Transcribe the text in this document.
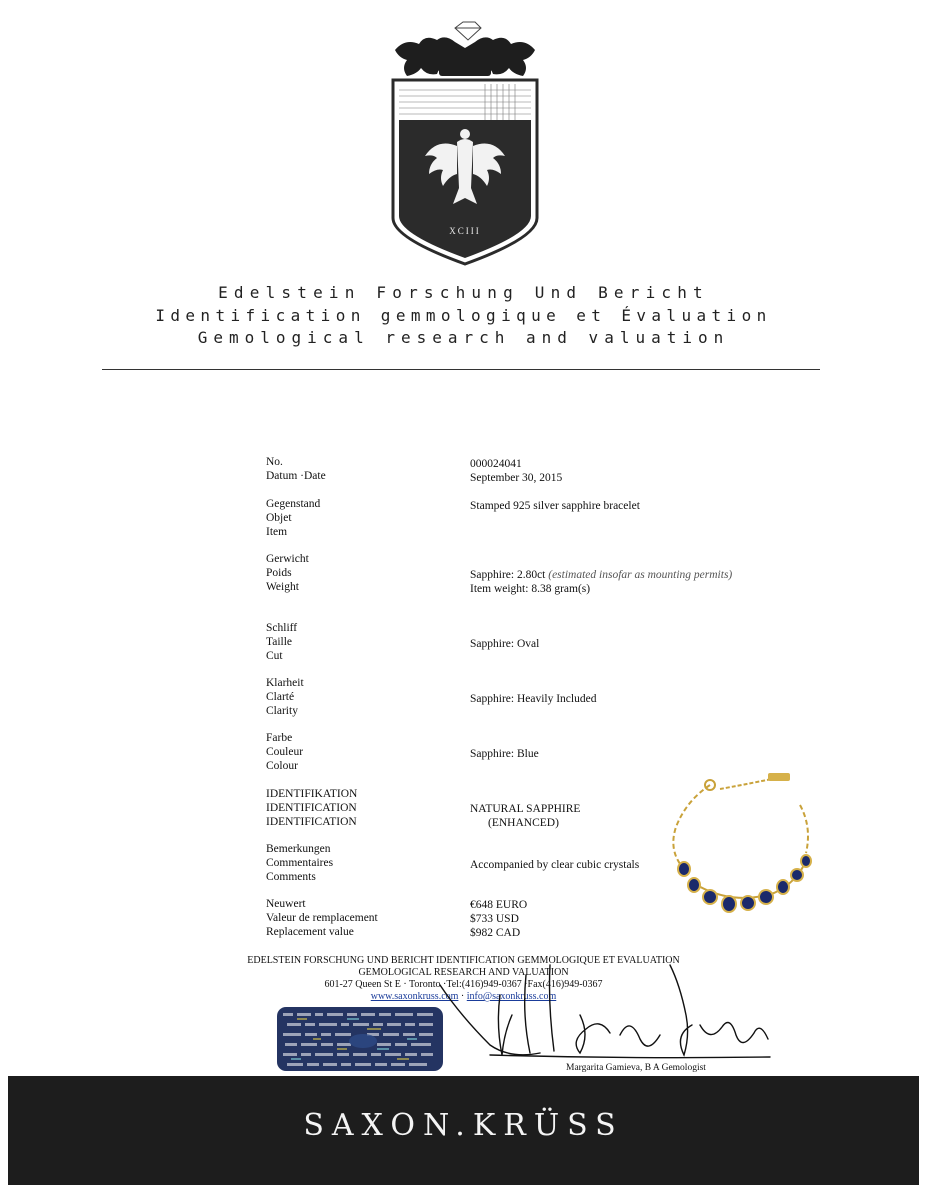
XCIII
Edelstein Forschung Und Bericht
Identification gemmologique et Évaluation
Gemological research and valuation
No.
Datum ·Date
000024041
September 30, 2015
Gegenstand
Objet
Item
Stamped 925 silver sapphire bracelet
Gerwicht
Poids
Weight
Sapphire: 2.80ct (estimated insofar as mounting permits)
Item weight: 8.38 gram(s)
Schliff
Taille
Cut
Sapphire: Oval
Klarheit
Clarté
Clarity
Sapphire: Heavily Included
Farbe
Couleur
Colour
Sapphire: Blue
IDENTIFIKATION
IDENTIFICATION
IDENTIFICATION
NATURAL SAPPHIRE
(ENHANCED)
Bemerkungen
Commentaires
Comments
Accompanied by clear cubic crystals
Neuwert
Valeur de remplacement
Replacement value
€648 EURO
$733 USD
$982 CAD
EDELSTEIN FORSCHUNG UND BERICHT IDENTIFICATION GEMMOLOGIQUE ET EVALUATION
GEMOLOGICAL RESEARCH AND VALUATION
601-27 Queen St E · Toronto ·Tel:(416)949-0367 ·Fax(416)949-0367
www.saxonkruss.com · info@saxonkruss.com
Margarita Gamieva, B A Gemologist
SAXON.KRÜSS
